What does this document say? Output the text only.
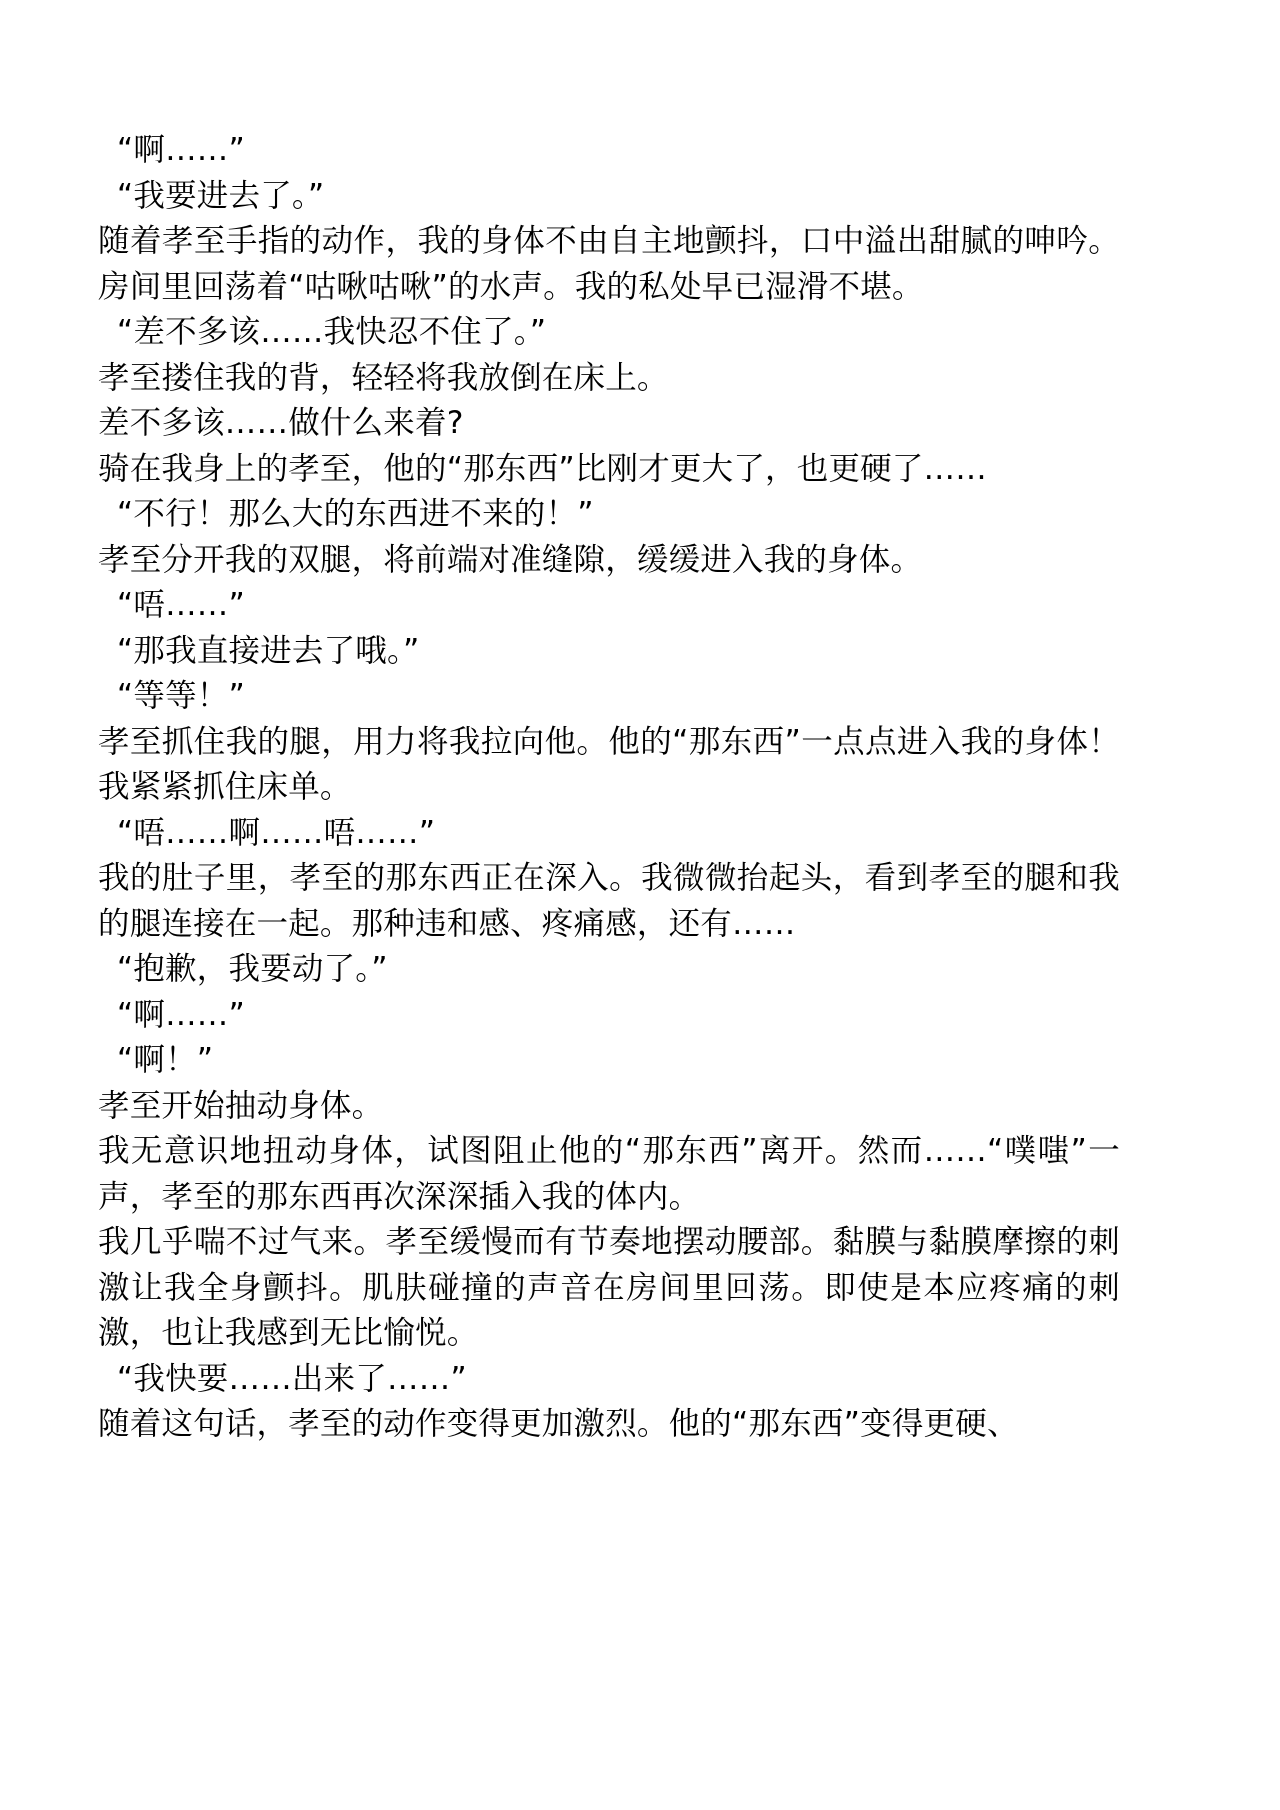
“啊……”

“我要进去了。”

随着孝至手指的动作，我的身体不由自主地颤抖，口中溢出甜腻的呻吟。房间里回荡着“咕啾咕啾”的水声。我的私处早已湿滑不堪。

“差不多该……我快忍不住了。”

孝至搂住我的背，轻轻将我放倒在床上。

差不多该……做什么来着?

骑在我身上的孝至，他的“那东西”比刚才更大了，也更硬了……

“不行！那么大的东西进不来的！”

孝至分开我的双腿，将前端对准缝隙，缓缓进入我的身体。

“唔……”

“那我直接进去了哦。”

“等等！”

孝至抓住我的腿，用力将我拉向他。他的“那东西”一点点进入我的身体！我紧紧抓住床单。

“唔……啊……唔……”

我的肚子里，孝至的那东西正在深入。我微微抬起头，看到孝至的腿和我的腿连接在一起。那种违和感、疼痛感，还有……

“抱歉，我要动了。”

“啊……”

“啊！”

孝至开始抽动身体。

我无意识地扭动身体，试图阻止他的“那东西”离开。然而……“噗嗤”一声，孝至的那东西再次深深插入我的体内。

我几乎喘不过气来。孝至缓慢而有节奏地摆动腰部。黏膜与黏膜摩擦的刺激让我全身颤抖。肌肤碰撞的声音在房间里回荡。即使是本应疼痛的刺激，也让我感到无比愉悦。

“我快要……出来了……”

随着这句话，孝至的动作变得更加激烈。他的“那东西”变得更硬、
